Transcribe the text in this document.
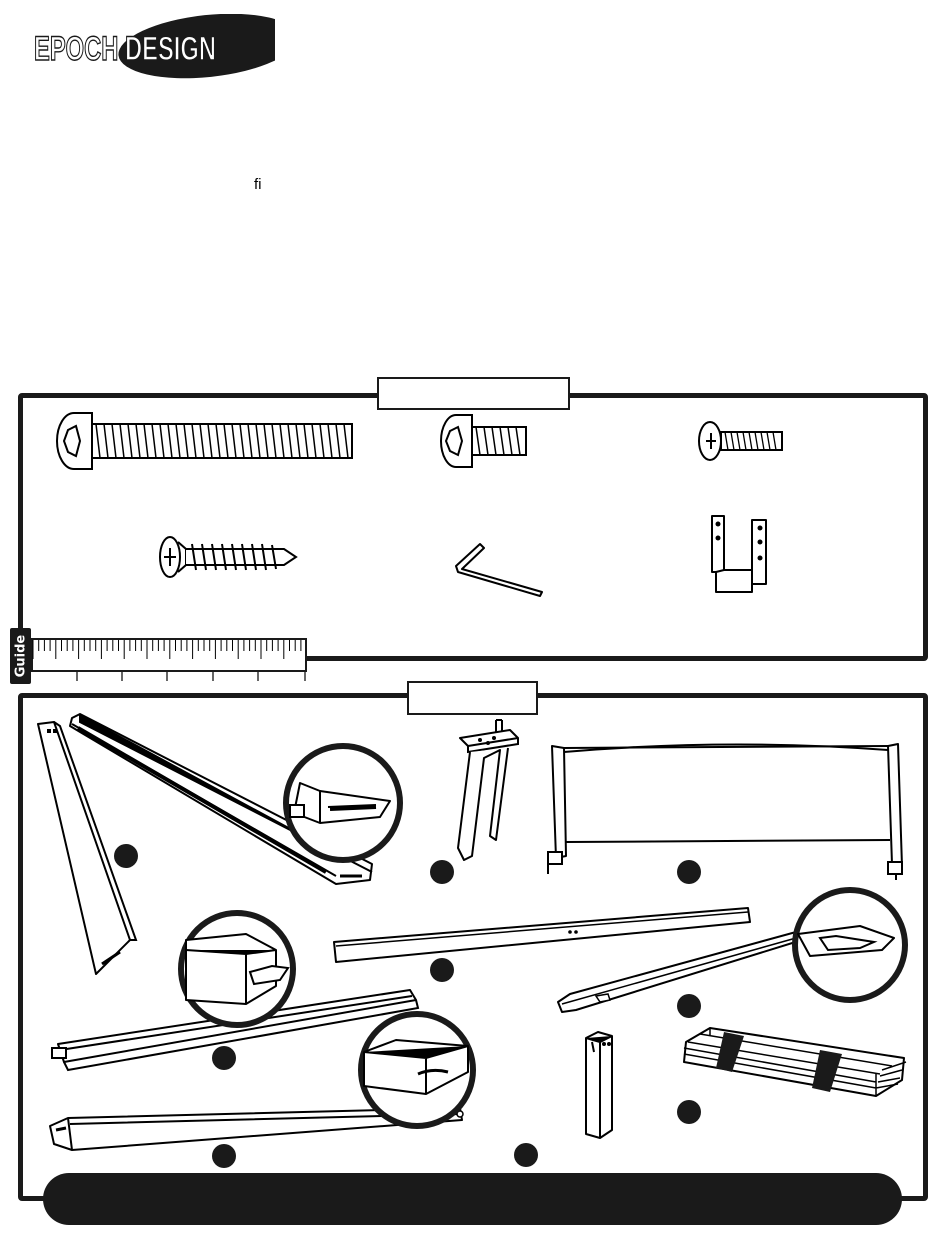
EPOCH DESIGN
ﬁ
Guide
